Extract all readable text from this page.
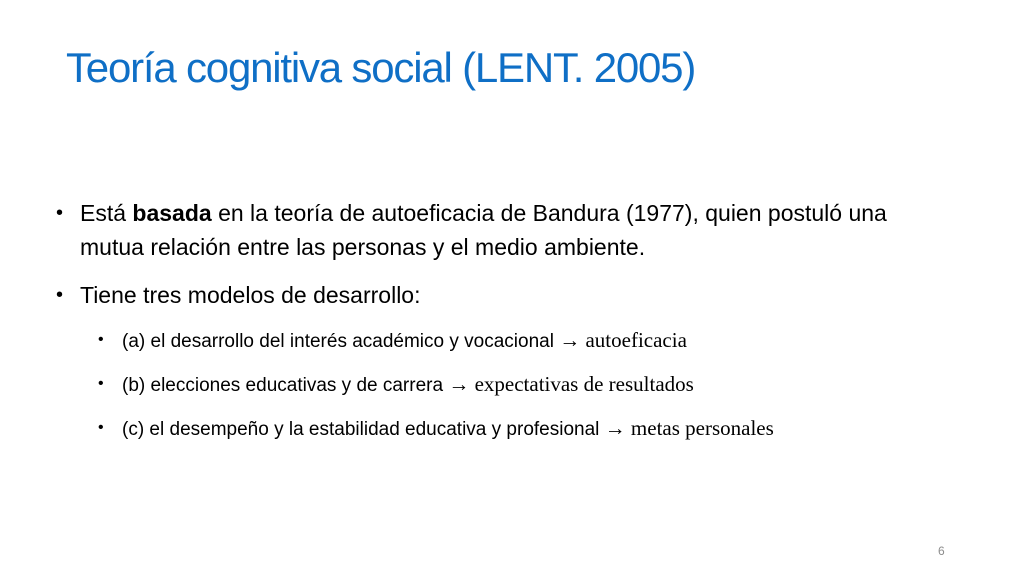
Teoría cognitiva social (LENT. 2005)
• Está basada en la teoría de autoeficacia de Bandura (1977), quien postuló una mutua relación entre las personas y el medio ambiente.
• Tiene tres modelos de desarrollo:
• (a) el desarrollo del interés académico y vocacional → autoeficacia
• (b) elecciones educativas y de carrera → expectativas de resultados
• (c) el desempeño y la estabilidad educativa y profesional → metas personales
6
